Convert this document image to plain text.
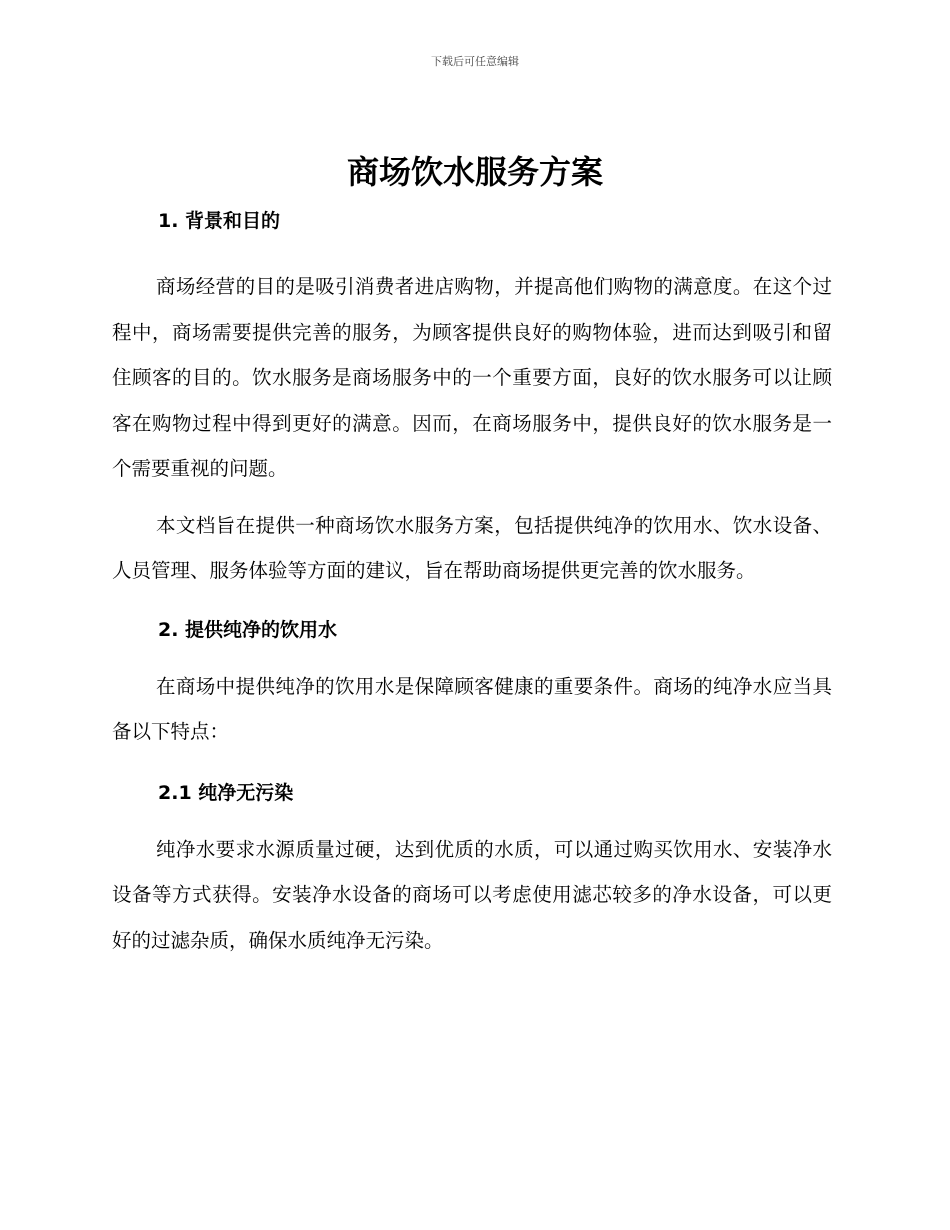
下载后可任意编辑
商场饮水服务方案
1. 背景和目的

商场经营的目的是吸引消费者进店购物，并提高他们购物的满意度。在这个过程中，商场需要提供完善的服务，为顾客提供良好的购物体验，进而达到吸引和留住顾客的目的。饮水服务是商场服务中的一个重要方面，良好的饮水服务可以让顾客在购物过程中得到更好的满意。因而，在商场服务中，提供良好的饮水服务是一个需要重视的问题。

本文档旨在提供一种商场饮水服务方案，包括提供纯净的饮用水、饮水设备、人员管理、服务体验等方面的建议，旨在帮助商场提供更完善的饮水服务。

2. 提供纯净的饮用水

在商场中提供纯净的饮用水是保障顾客健康的重要条件。商场的纯净水应当具备以下特点：

2.1 纯净无污染

纯净水要求水源质量过硬，达到优质的水质，可以通过购买饮用水、安装净水设备等方式获得。安装净水设备的商场可以考虑使用滤芯较多的净水设备，可以更好的过滤杂质，确保水质纯净无污染。
